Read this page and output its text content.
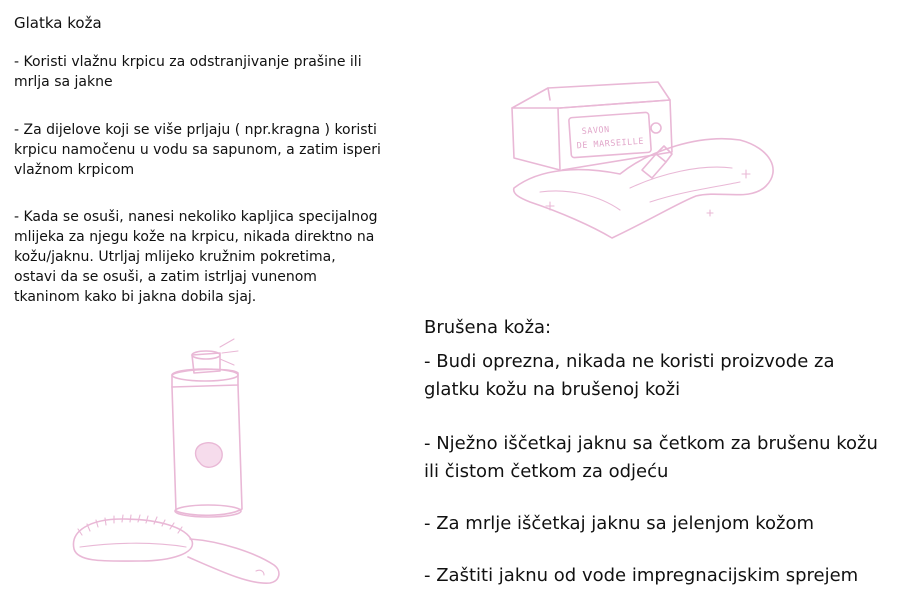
Glatka koža

- Koristi vlažnu krpicu za odstranjivanje prašine ili
mrlja sa jakne

- Za dijelove koji se više prljaju ( npr.kragna ) koristi
krpicu namočenu u vodu sa sapunom, a zatim isperi
vlažnom krpicom

- Kada se osuši, nanesi nekoliko kapljica specijalnog
mlijeka za njegu kože na krpicu, nikada direktno na
kožu/jaknu. Utrljaj mlijeko kružnim pokretima,
ostavi da se osuši, a zatim istrljaj vunenom
tkaninom kako bi jakna dobila sjaj.

Brušena koža:

- Budi oprezna, nikada ne koristi proizvode za
glatku kožu na brušenoj koži

- Nježno iščetkaj jaknu sa četkom za brušenu kožu
ili čistom četkom za odjeću

- Za mrlje iščetkaj jaknu sa jelenjom kožom

- Zaštiti jaknu od vode impregnacijskim sprejem

SAVON
DE MARSEILLE
